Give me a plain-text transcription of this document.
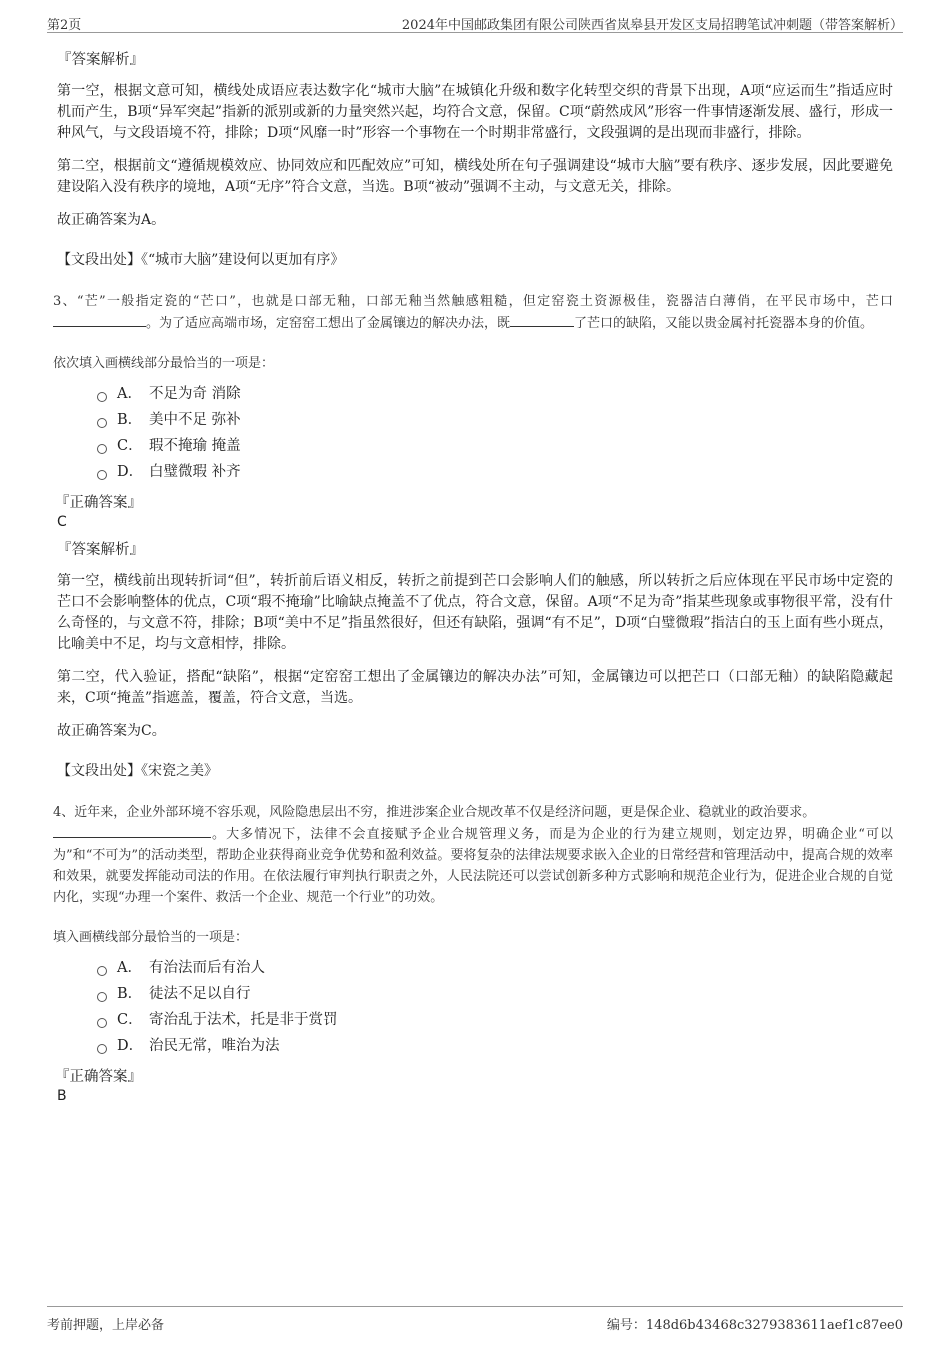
第2页	2024年中国邮政集团有限公司陕西省岚皋县开发区支局招聘笔试冲刺题（带答案解析）
『答案解析』

第一空，根据文意可知，横线处成语应表达数字化“城市大脑”在城镇化升级和数字化转型交织的背景下出现，A项“应运而生”指适应时机而产生，B项“异军突起”指新的派别或新的力量突然兴起，均符合文意，保留。C项“蔚然成风”形容一件事情逐渐发展、盛行，形成一种风气，与文段语境不符，排除；D项“风靡一时”形容一个事物在一个时期非常盛行，文段强调的是出现而非盛行，排除。

第二空，根据前文“遵循规模效应、协同效应和匹配效应”可知，横线处所在句子强调建设“城市大脑”要有秩序、逐步发展，因此要避免建设陷入没有秩序的境地，A项“无序”符合文意，当选。B项“被动”强调不主动，与文意无关，排除。

故正确答案为A。

【文段出处】《“城市大脑”建设何以更加有序》

3、“芒”一般指定瓷的“芒口”，也就是口部无釉，口部无釉当然触感粗糙，但定窑瓷土资源极佳，瓷器洁白薄俏，在平民市场中，芒口。为了适应高端市场，定窑窑工想出了金属镶边的解决办法，既	了芒口的缺陷，又能以贵金属衬托瓷器本身的价值。

依次填入画横线部分最恰当的一项是：
A． 不足为奇 消除
B． 美中不足 弥补
C． 瑕不掩瑜 掩盖
D． 白璧微瑕 补齐
『正确答案』
C
『答案解析』

第一空，横线前出现转折词“但”，转折前后语义相反，转折之前提到芒口会影响人们的触感，所以转折之后应体现在平民市场中定瓷的芒口不会影响整体的优点，C项“瑕不掩瑜”比喻缺点掩盖不了优点，符合文意，保留。A项“不足为奇”指某些现象或事物很平常，没有什么奇怪的，与文意不符，排除；B项“美中不足”指虽然很好，但还有缺陷，强调“有不足”，D项“白璧微瑕”指洁白的玉上面有些小斑点，比喻美中不足，均与文意相悖，排除。

第二空，代入验证，搭配“缺陷”，根据“定窑窑工想出了金属镶边的解决办法”可知，金属镶边可以把芒口（口部无釉）的缺陷隐藏起来，C项“掩盖”指遮盖，覆盖，符合文意，当选。

故正确答案为C。

【文段出处】《宋瓷之美》

4、近年来，企业外部环境不容乐观，风险隐患层出不穷，推进涉案企业合规改革不仅是经济问题，更是保企业、稳就业的政治要求。
。大多情况下，法律不会直接赋予企业合规管理义务，而是为企业的行为建立规则，划定边界，明确企业“可以为”和“不可为”的活动类型，帮助企业获得商业竞争优势和盈利效益。要将复杂的法律法规要求嵌入企业的日常经营和管理活动中，提高合规的效率和效果，就要发挥能动司法的作用。在依法履行审判执行职责之外，人民法院还可以尝试创新多种方式影响和规范企业行为，促进企业合规的自觉内化，实现“办理一个案件、救活一个企业、规范一个行业”的功效。

填入画横线部分最恰当的一项是：
A． 有治法而后有治人
B． 徒法不足以自行
C． 寄治乱于法术，托是非于赏罚
D． 治民无常，唯治为法
『正确答案』
B
考前押题，上岸必备	编号：148d6b43468c3279383611aef1c87ee0
